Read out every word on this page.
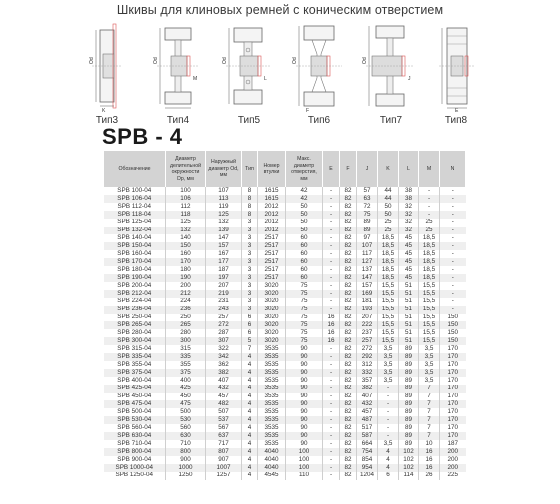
Шкивы для клиновых ремней с коническим отверстием
Od
K
Тип3
Od
M
Тип4
Od
L
Тип5
Od
F
Тип6
Od
J
Тип7
E
Тип8
SPB - 4
Обозначение	Диаметр делительной окружности Dp, мм	Наружный диаметр Od, мм	Тип	Номер втулки	Макс. диаметр отверстия, мм	E	F	J	K	L	M	N
SPB 100-04	100	107	8	1615	42	-	82	57	44	38	-	-
SPB 106-04	106	113	8	1615	42	-	82	63	44	38	-	-
SPB 112-04	112	119	8	2012	50	-	82	72	50	32	-	-
SPB 118-04	118	125	8	2012	50	-	82	75	50	32	-	-
SPB 125-04	125	132	3	2012	50	-	82	89	25	32	25	-
SPB 132-04	132	139	3	2012	50	-	82	89	25	32	25	-
SPB 140-04	140	147	3	2517	60	-	82	97	18,5	45	18,5	-
SPB 150-04	150	157	3	2517	60	-	82	107	18,5	45	18,5	-
SPB 160-04	160	167	3	2517	60	-	82	117	18,5	45	18,5	-
SPB 170-04	170	177	3	2517	60	-	82	127	18,5	45	18,5	-
SPB 180-04	180	187	3	2517	60	-	82	137	18,5	45	18,5	-
SPB 190-04	190	197	3	2517	60	-	82	147	18,5	45	18,5	-
SPB 200-04	200	207	3	3020	75	-	82	157	15,5	51	15,5	-
SPB 212-04	212	219	3	3020	75	-	82	169	15,5	51	15,5	-
SPB 224-04	224	231	3	3020	75	-	82	181	15,5	51	15,5	-
SPB 236-04	236	243	3	3020	75	-	82	193	15,5	51	15,5	-
SPB 250-04	250	257	6	3020	75	16	82	207	15,5	51	15,5	150
SPB 265-04	265	272	6	3020	75	16	82	222	15,5	51	15,5	150
SPB 280-04	280	287	6	3020	75	16	82	237	15,5	51	15,5	150
SPB 300-04	300	307	5	3020	75	16	82	257	15,5	51	15,5	150
SPB 315-04	315	322	7	3535	90	-	82	272	3,5	89	3,5	170
SPB 335-04	335	342	4	3535	90	-	82	292	3,5	89	3,5	170
SPB 355-04	355	362	4	3535	90	-	82	312	3,5	89	3,5	170
SPB 375-04	375	382	4	3535	90	-	82	332	3,5	89	3,5	170
SPB 400-04	400	407	4	3535	90	-	82	357	3,5	89	3,5	170
SPB 425-04	425	432	4	3535	90	-	82	382	-	89	7	170
SPB 450-04	450	457	4	3535	90	-	82	407	-	89	7	170
SPB 475-04	475	482	4	3535	90	-	82	432	-	89	7	170
SPB 500-04	500	507	4	3535	90	-	82	457	-	89	7	170
SPB 530-04	530	537	4	3535	90	-	82	487	-	89	7	170
SPB 560-04	560	567	4	3535	90	-	82	517	-	89	7	170
SPB 630-04	630	637	4	3535	90	-	82	587	-	89	7	170
SPB 710-04	710	717	4	3535	90	-	82	664	3,5	89	10	187
SPB 800-04	800	807	4	4040	100	-	82	754	4	102	16	200
SPB 900-04	900	907	4	4040	100	-	82	854	4	102	16	200
SPB 1000-04	1000	1007	4	4040	100	-	82	954	4	102	16	200
SPB 1250-04	1250	1257	4	4545	110	-	82	1204	6	114	26	225
